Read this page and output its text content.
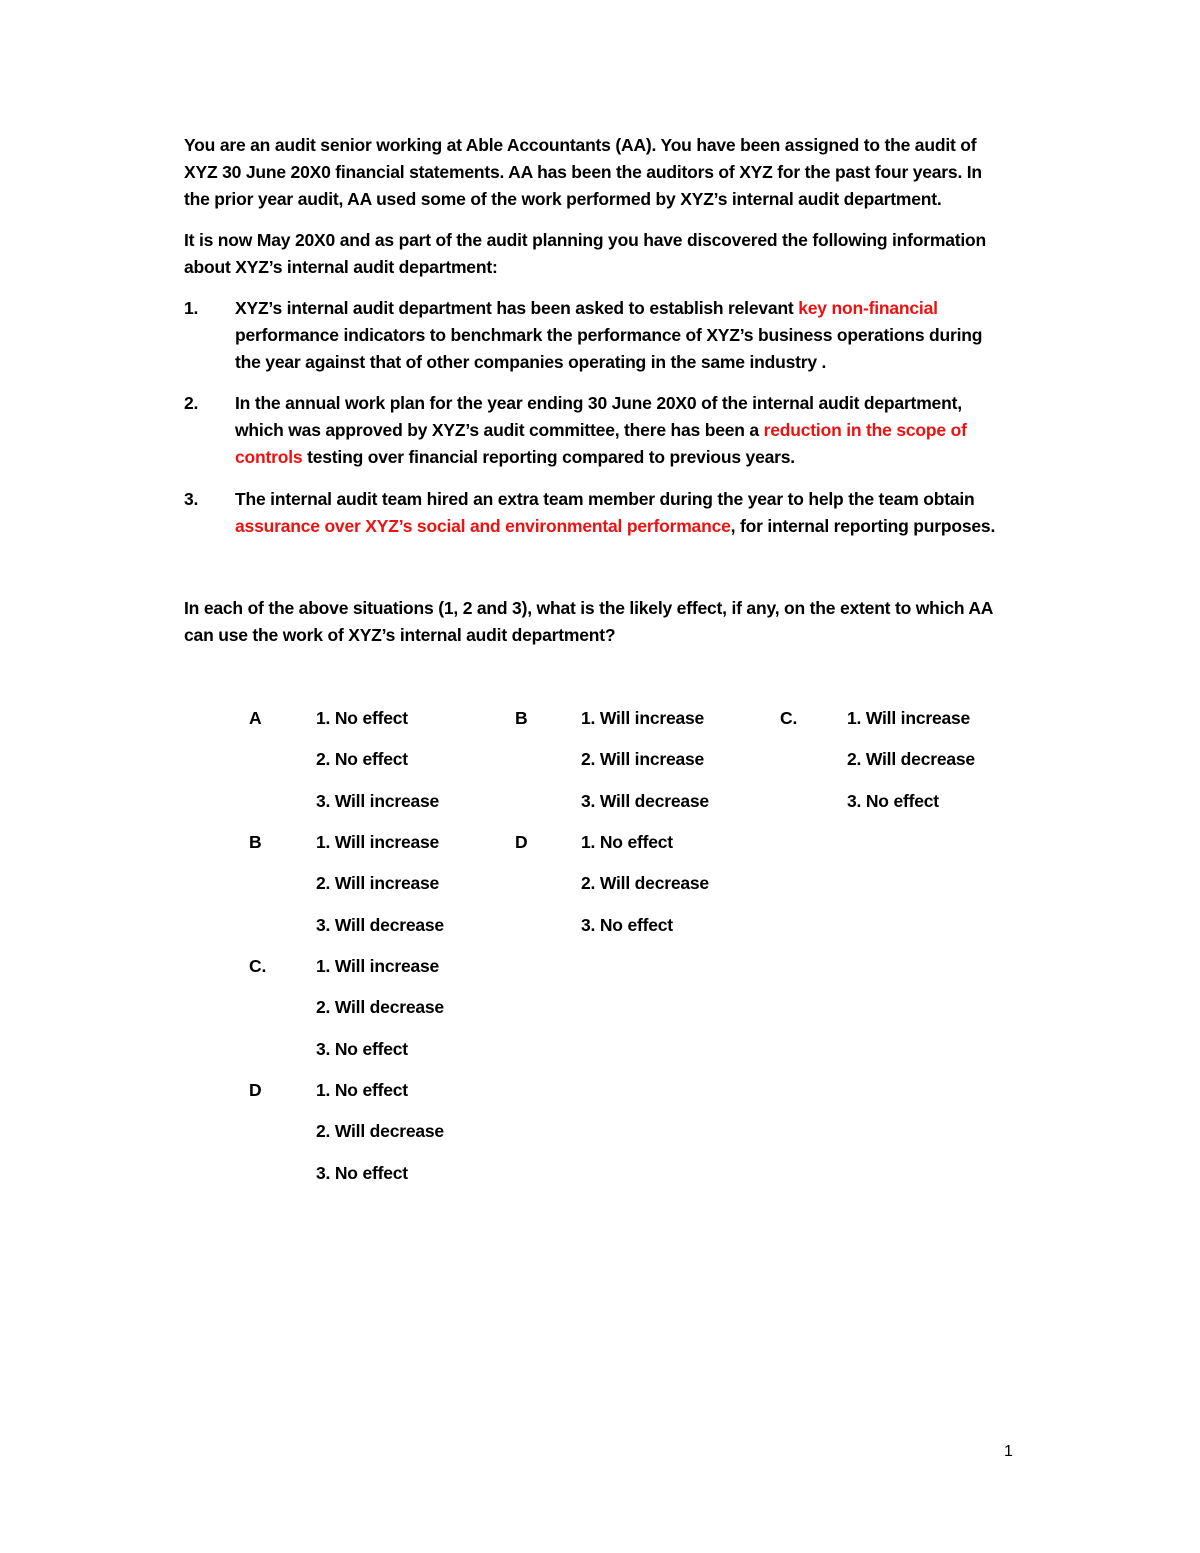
You are an audit senior working at Able Accountants (AA). You have been assigned to the audit of

XYZ 30 June 20X0 financial statements. AA has been the auditors of XYZ for the past four years. In

the prior year audit, AA used some of the work performed by XYZ’s internal audit department.

It is now May 20X0 and as part of the audit planning you have discovered the following information

about XYZ’s internal audit department:

1. XYZ’s internal audit department has been asked to establish relevant key non-financial
performance indicators to benchmark the performance of XYZ’s business operations during
the year against that of other companies operating in the same industry .
2. In the annual work plan for the year ending 30 June 20X0 of the internal audit department,
which was approved by XYZ’s audit committee, there has been a reduction in the scope of
controls testing over financial reporting compared to previous years.
3. The internal audit team hired an extra team member during the year to help the team obtain
assurance over XYZ’s social and environmental performance, for internal reporting purposes.

In each of the above situations (1, 2 and 3), what is the likely effect, if any, on the extent to which AA

can use the work of XYZ’s internal audit department?

A	1. No effect
2. No effect
3. Will increase
B	1. Will increase
2. Will increase
3. Will decrease
C.	1. Will increase
2. Will decrease
3. No effect
D	1. No effect
2. Will decrease
3. No effect
B	1. Will increase
2. Will increase
3. Will decrease
D	1. No effect
2. Will decrease
3. No effect
C.	1. Will increase
2. Will decrease
3. No effect
1
